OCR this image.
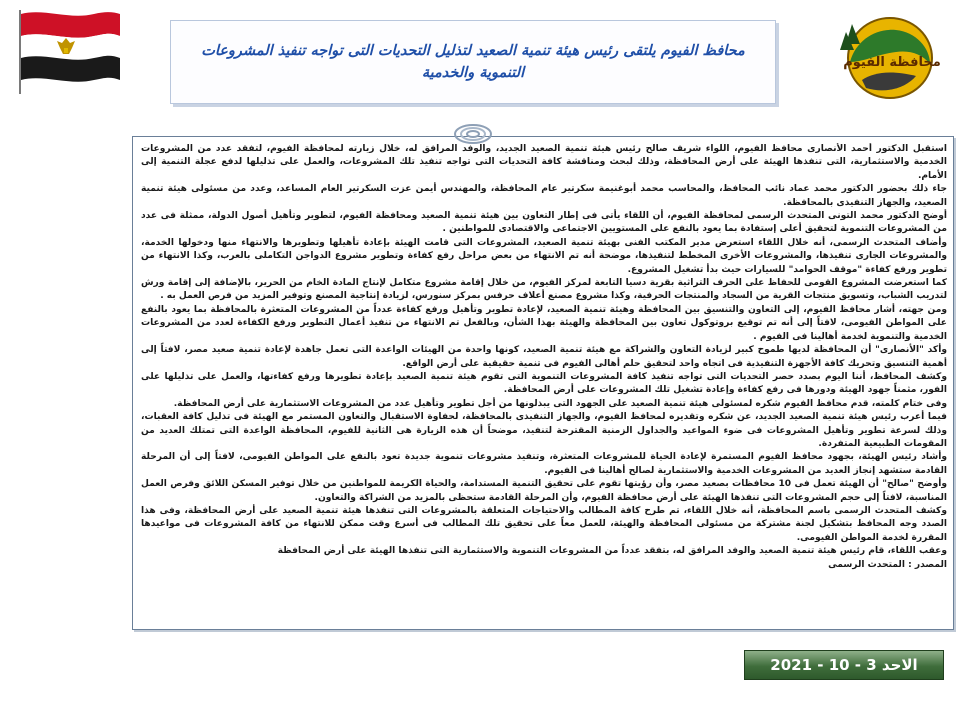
محافظة الفيوم
محافظ الفيوم يلتقى رئيس هيئة تنمية الصعيد لتذليل التحديات التى تواجه تنفيذ المشروعات التنموية والخدمية

استقبل الدكتور أحمد الأنصارى محافظ الفيوم، اللواء شريف صالح رئيس هيئة تنمية الصعيد الجديد، والوفد المرافق له، خلال زيارته لمحافظة الفيوم، لتفقد عدد من المشروعات الخدمية والاستثمارية، التى تنفذها الهيئة على أرض المحافظة، وذلك لبحث ومناقشة كافة التحديات التى تواجه تنفيذ تلك المشروعات، والعمل على تذليلها لدفع عجلة التنمية إلى الأمام.

جاء ذلك بحضور الدكتور محمد عماد نائب المحافظ، والمحاسب محمد أبوغنيمة سكرتير عام المحافظة، والمهندس أيمن عزت السكرتير العام المساعد، وعدد من مسئولى هيئة تنمية الصعيد، والجهاز التنفيذى بالمحافظة.

أوضح الدكتور محمد التونى المتحدث الرسمى لمحافظة الفيوم، أن اللقاء يأتى فى إطار التعاون بين هيئة تنمية الصعيد ومحافظة الفيوم، لتطوير وتأهيل أصول الدولة، ممثلة فى عدد من المشروعات التنموية لتحقيق أعلى إستفادة بما يعود بالنفع على المستويين الاجتماعى والاقتصادى للمواطنين .

وأضاف المتحدث الرسمى، أنه خلال اللقاء استعرض مدير المكتب الفنى بهيئة تنمية الصعيد، المشروعات التى قامت الهيئة بإعادة تأهيلها وتطويرها والانتهاء منها ودخولها الخدمة، والمشروعات الجارى تنفيذها، والمشروعات الأخرى المخطط لتنفيذها، موضحة أنه تم الانتهاء من بعض مراحل رفع كفاءة وتطوير مشروع الدواجن التكاملى بالعرب، وكذا الانتهاء من تطوير ورفع كفاءة "موقف الحوامد" للسيارات حيث بدأ تشغيل المشروع.

كما استعرضت المشروع القومى للحفاظ على الحرف التراثية بقرية دسيا التابعة لمركز الفيوم، من خلال إقامة مشروع متكامل لإنتاج المادة الخام من الحرير، بالإضافة إلى إقامة ورش لتدريب الشباب، وتسويق منتجات القرية من السجاد والمنتجات الحرفية، وكذا مشروع مصنع أعلاف حرفس بمركز سنورس، لزيادة إنتاجية المصنع وتوفير المزيد من فرص العمل به .

ومن جهته، أشار محافظ الفيوم، إلى التعاون والتنسيق بين المحافظة وهيئة تنمية الصعيد، لإعادة تطوير وتأهيل ورفع كفاءة عدداً من المشروعات المتعثرة بالمحافظة بما يعود بالنفع على المواطن الفيومى، لافتاً إلى أنه تم توقيع بروتوكول تعاون بين المحافظة والهيئة بهذا الشأن، وبالفعل تم الانتهاء من تنفيذ أعمال التطوير ورفع الكفاءة لعدد من المشروعات الخدمية والتنموية لخدمة أهالينا فى الفيوم .

وأكد "الأنصارى" أن المحافظة لديها طموح كبير لزيادة التعاون والشراكة مع هيئة تنمية الصعيد، كونها واحدة من الهيئات الواعدة التى تعمل جاهدة لإعادة تنمية صعيد مصر، لافتاً إلى أهمية التنسيق وتحريك كافة الأجهزة التنفيذية فى اتجاه واحد لتحقيق حلم أهالى الفيوم فى تنمية حقيقية على أرض الواقع.

وكشف المحافظ، أننا اليوم بصدد حصر التحديات التى تواجه تنفيذ كافة المشروعات التنموية التى تقوم هيئة تنمية الصعيد بإعادة تطويرها ورفع كفاءتها، والعمل على تذليلها على الفور، مثمناً جهود الهيئة ودورها فى رفع كفاءة وإعادة تشغيل تلك المشروعات على أرض المحافظة.

وفى ختام كلمته، قدم محافظ الفيوم شكره لمسئولى هيئة تنمية الصعيد على الجهود التى يبذلونها من أجل تطوير وتأهيل عدد من المشروعات الاستثمارية على أرض المحافظة.

فيما أعرب رئيس هيئة تنمية الصعيد الجديد، عن شكره وتقديره لمحافظ الفيوم، والجهاز التنفيذى بالمحافظة، لحفاوة الاستقبال والتعاون المستمر مع الهيئة فى تذليل كافة العقبات، وذلك لسرعة تطوير وتأهيل المشروعات فى ضوء المواعيد والجداول الزمنية المقترحة لتنفيذ، موضحاً أن هذه الزيارة هى الثانية للفيوم، المحافظة الواعدة التى تمتلك العديد من المقومات الطبيعية المتفردة.

وأشاد رئيس الهيئة، بجهود محافظ الفيوم المستمرة لإعادة الحياة للمشروعات المتعثرة، وتنفيذ مشروعات تنموية جديدة تعود بالنفع على المواطن الفيومى، لافتاً إلى أن المرحلة القادمة ستشهد إنجاز العديد من المشروعات الخدمية والاستثمارية لصالح أهالينا فى الفيوم.

وأوضح "صالح" أن الهيئة تعمل فى 10 محافظات بصعيد مصر، وأن رؤيتها تقوم على تحقيق التنمية المستدامة، والحياة الكريمة للمواطنين من خلال توفير المسكن اللائق وفرص العمل المناسبة، لافتاً إلى حجم المشروعات التى تنفذها الهيئة على أرض محافظة الفيوم، وأن المرحلة القادمة ستحظى بالمزيد من الشراكة والتعاون.

وكشف المتحدث الرسمى باسم المحافظة، أنه خلال اللقاء، تم طرح كافة المطالب والاحتياجات المتعلقة بالمشروعات التى تنفذها هيئة تنمية الصعيد على أرض المحافظة، وفى هذا الصدد وجه المحافظ بتشكيل لجنة مشتركة من مسئولى المحافظة والهيئة، للعمل معاً على تحقيق تلك المطالب فى أسرع وقت ممكن للانتهاء من كافة المشروعات فى مواعيدها المقررة لخدمة المواطن الفيومى.

وعقب اللقاء، قام رئيس هيئة تنمية الصعيد والوفد المرافق له، بتفقد عدداً من المشروعات التنموية والاستثمارية التى تنفذها الهيئة على أرض المحافظة

المصدر : المتحدث الرسمى

الاحد 3 - 10 - 2021
